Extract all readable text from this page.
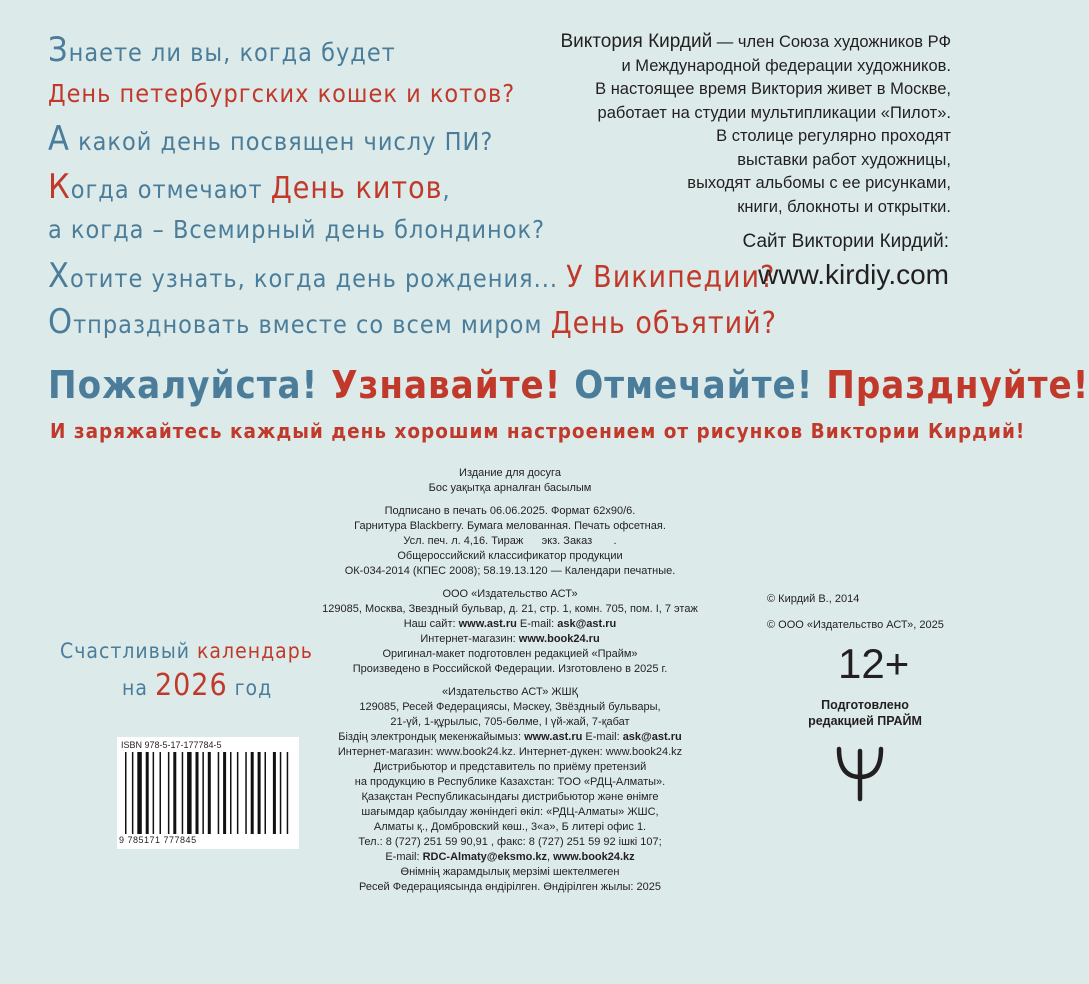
Знаете ли вы, когда будет
День петербургских кошек и котов?
А какой день посвящен числу ПИ?
Когда отмечают День китов,
а когда – Всемирный день блондинок?
Хотите узнать, когда день рождения... У Википедии?
Отпраздновать вместе со всем миром День объятий?
Виктория Кирдий — член Союза художников РФ
и Международной федерации художников.
В настоящее время Виктория живет в Москве,
работает на студии мультипликации «Пилот».
В столице регулярно проходят
выставки работ художницы,
выходят альбомы с ее рисунками,
книги, блокноты и открытки.
Сайт Виктории Кирдий:
www.kirdiy.com
Пожалуйста! Узнавайте! Отмечайте! Празднуйте!
И заряжайтесь каждый день хорошим настроением от рисунков Виктории Кирдий!
Издание для досуга
Бос уақытқа арналған басылым
Подписано в печать 06.06.2025. Формат 62х90/6.
Гарнитура Blackberry. Бумага мелованная. Печать офсетная.
Усл. печ. л. 4,16. Тираж      экз. Заказ       .
Общероссийский классификатор продукции
ОК-034-2014 (КПЕС 2008); 58.19.13.120 — Календари печатные.
ООО «Издательство АСТ»
129085, Москва, Звездный бульвар, д. 21, стр. 1, комн. 705, пом. I, 7 этаж
Наш сайт: www.ast.ru E-mail: ask@ast.ru
Интернет-магазин: www.book24.ru
Оригинал-макет подготовлен редакцией «Прайм»
Произведено в Российской Федерации. Изготовлено в 2025 г.
«Издательство АСТ» ЖШҚ
129085, Ресей Федерациясы, Мәскеу, Звёздный бульвары,
21-үй, 1-құрылыс, 705-бөлме, I үй-жай, 7-қабат
Біздің электрондық мекенжайымыз: www.ast.ru E-mail: ask@ast.ru
Интернет-магазин: www.book24.kz. Интернет-дүкен: www.book24.kz
Дистрибьютор и представитель по приёму претензий
на продукцию в Республике Казахстан: ТОО «РДЦ-Алматы».
Қазақстан Республикасындағы дистрибьютор және өнімге
шағымдар қабылдау жөніндегі өкіл: «РДЦ-Алматы» ЖШС,
Алматы қ., Домбровский көш., 3«а», Б литері офис 1.
Тел.: 8 (727) 251 59 90,91 , факс: 8 (727) 251 59 92 ішкі 107;
E-mail: RDC-Almaty@eksmo.kz, www.book24.kz
Өнімнің жарамдылық мерзімі шектелмеген
Ресей Федерациясында өндірілген. Өндірілген жылы: 2025
© Кирдий В., 2014
© ООО «Издательство АСТ», 2025
Счастливый календарь
на 2026 год
12+
Подготовлено редакцией ПРАЙМ
ISBN 978-5-17-177784-5
9 785171 777845
